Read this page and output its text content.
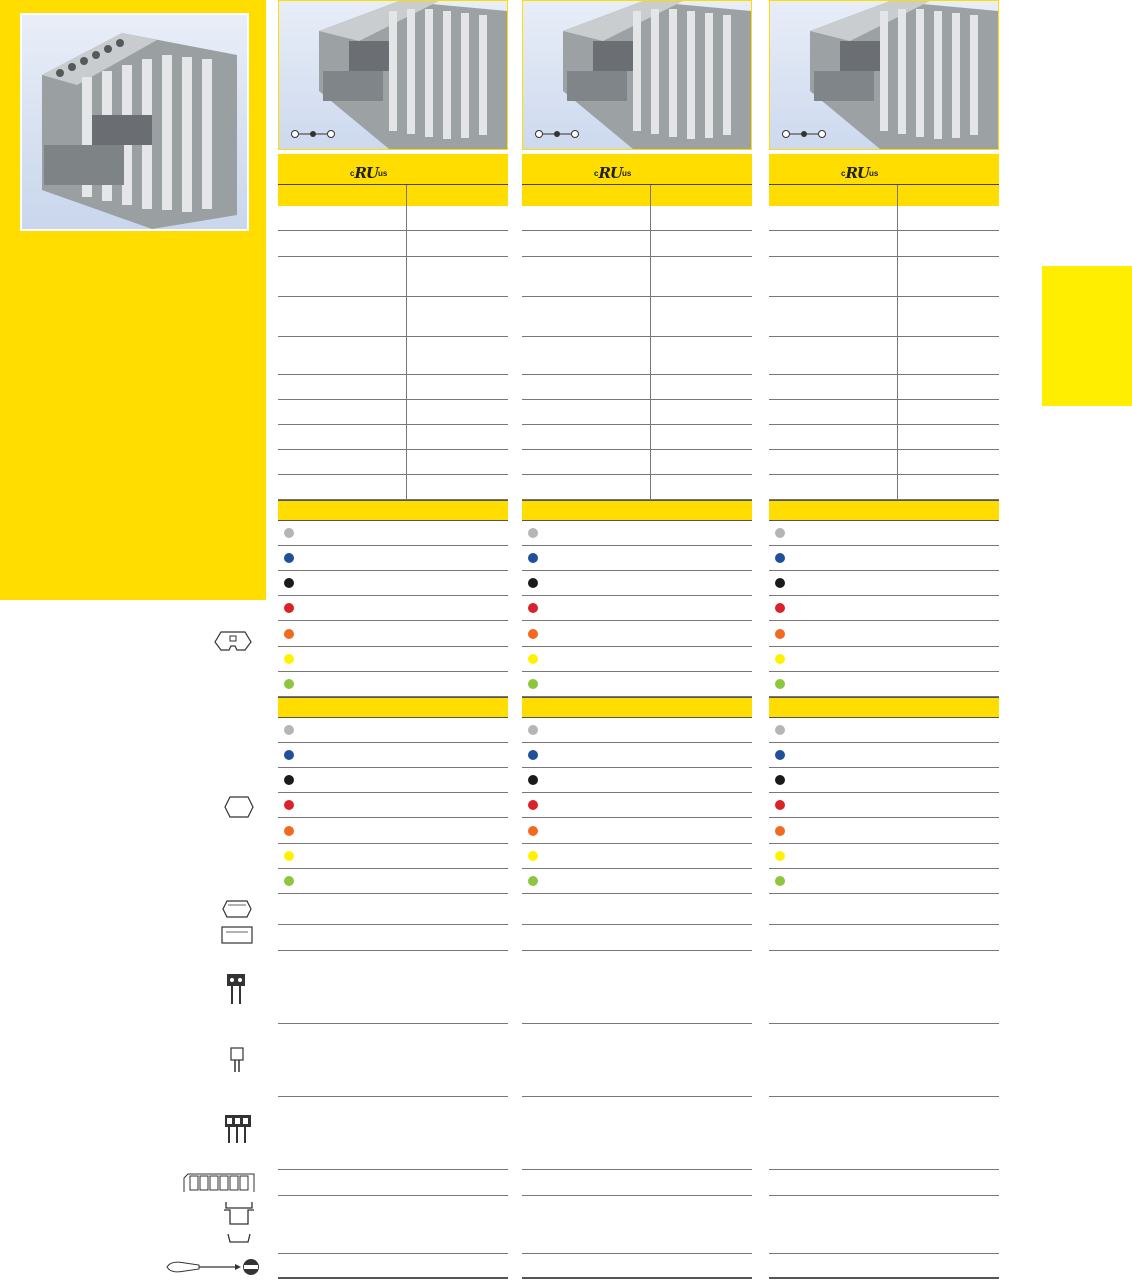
cRUus	cRUus	cRUus
